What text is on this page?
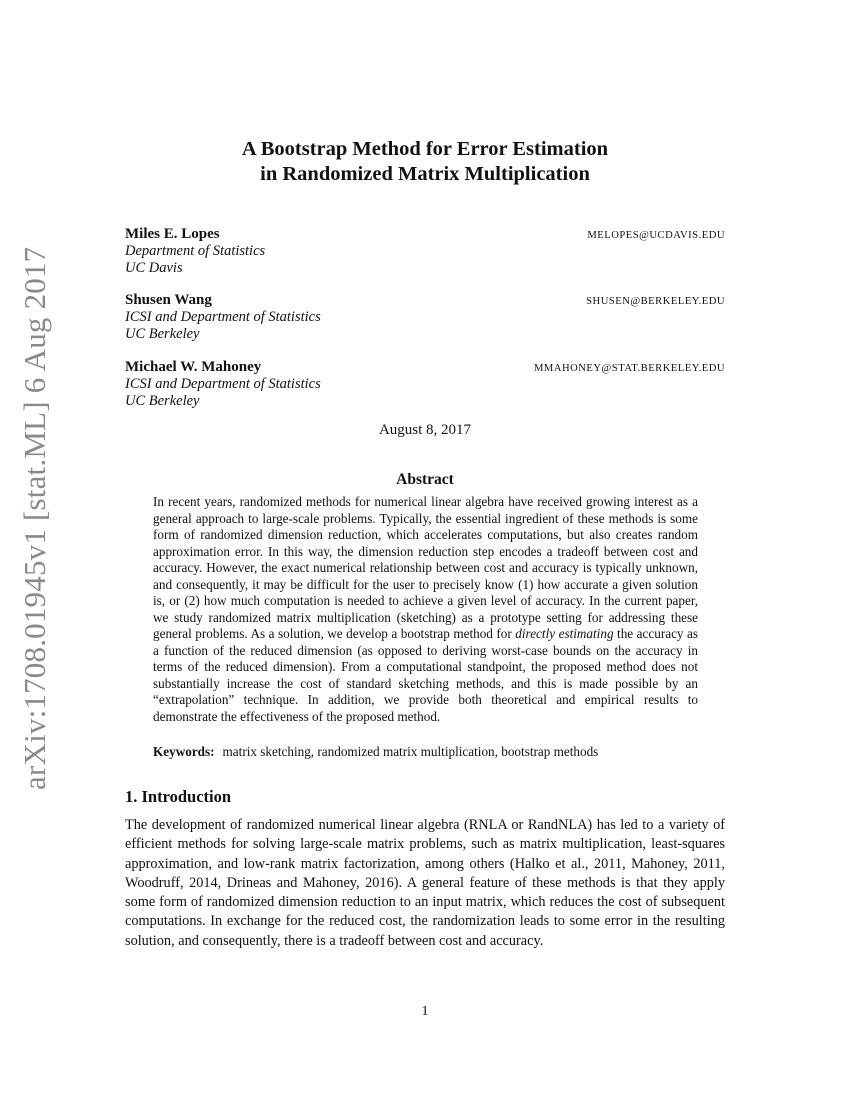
arXiv:1708.01945v1 [stat.ML] 6 Aug 2017
A Bootstrap Method for Error Estimation
in Randomized Matrix Multiplication
Miles E. Lopes	MELOPES@UCDAVIS.EDU
Department of Statistics
UC Davis
Shusen Wang	SHUSEN@BERKELEY.EDU
ICSI and Department of Statistics
UC Berkeley
Michael W. Mahoney	MMAHONEY@STAT.BERKELEY.EDU
ICSI and Department of Statistics
UC Berkeley
August 8, 2017
Abstract
In recent years, randomized methods for numerical linear algebra have received growing interest as a general approach to large-scale problems. Typically, the essential ingredient of these methods is some form of randomized dimension reduction, which accelerates computations, but also creates random approximation error. In this way, the dimension reduction step encodes a tradeoff between cost and accuracy. However, the exact numerical relationship between cost and accuracy is typically unknown, and consequently, it may be difficult for the user to precisely know (1) how accurate a given solution is, or (2) how much computation is needed to achieve a given level of accuracy. In the current paper, we study randomized matrix multiplication (sketching) as a prototype setting for addressing these general problems. As a solution, we develop a bootstrap method for directly estimating the accuracy as a function of the reduced dimension (as opposed to deriving worst-case bounds on the accuracy in terms of the reduced dimension). From a computational standpoint, the proposed method does not substantially increase the cost of standard sketching methods, and this is made possible by an “extrapolation” technique. In addition, we provide both theoretical and empirical results to demonstrate the effectiveness of the proposed method.
Keywords: matrix sketching, randomized matrix multiplication, bootstrap methods
1. Introduction
The development of randomized numerical linear algebra (RNLA or RandNLA) has led to a variety of efficient methods for solving large-scale matrix problems, such as matrix multiplication, least-squares approximation, and low-rank matrix factorization, among others (Halko et al., 2011, Mahoney, 2011, Woodruff, 2014, Drineas and Mahoney, 2016). A general feature of these methods is that they apply some form of randomized dimension reduction to an input matrix, which reduces the cost of subsequent computations. In exchange for the reduced cost, the randomization leads to some error in the resulting solution, and consequently, there is a tradeoff between cost and accuracy.
1
